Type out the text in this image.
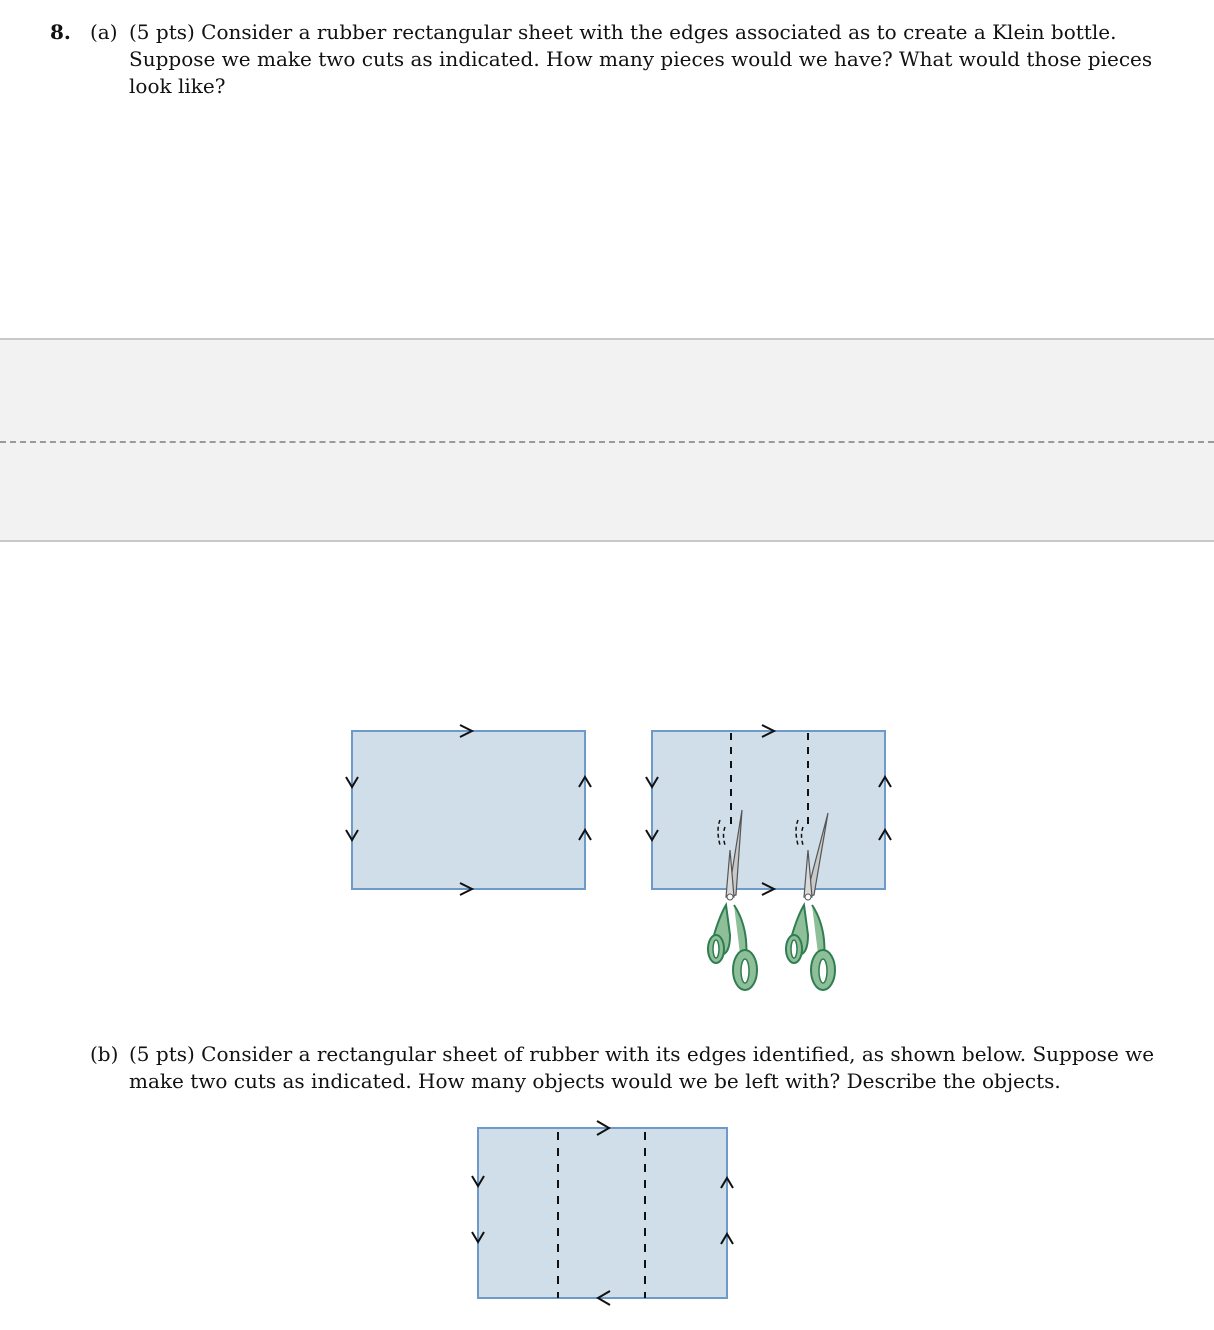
8. (a) (5 pts) Consider a rubber rectangular sheet with the edges associated as to create a Klein bottle. Suppose we make two cuts as indicated. How many pieces would we have? What would those pieces look like?
(b) (5 pts) Consider a rectangular sheet of rubber with its edges identified, as shown below. Suppose we make two cuts as indicated. How many objects would we be left with? Describe the objects.
